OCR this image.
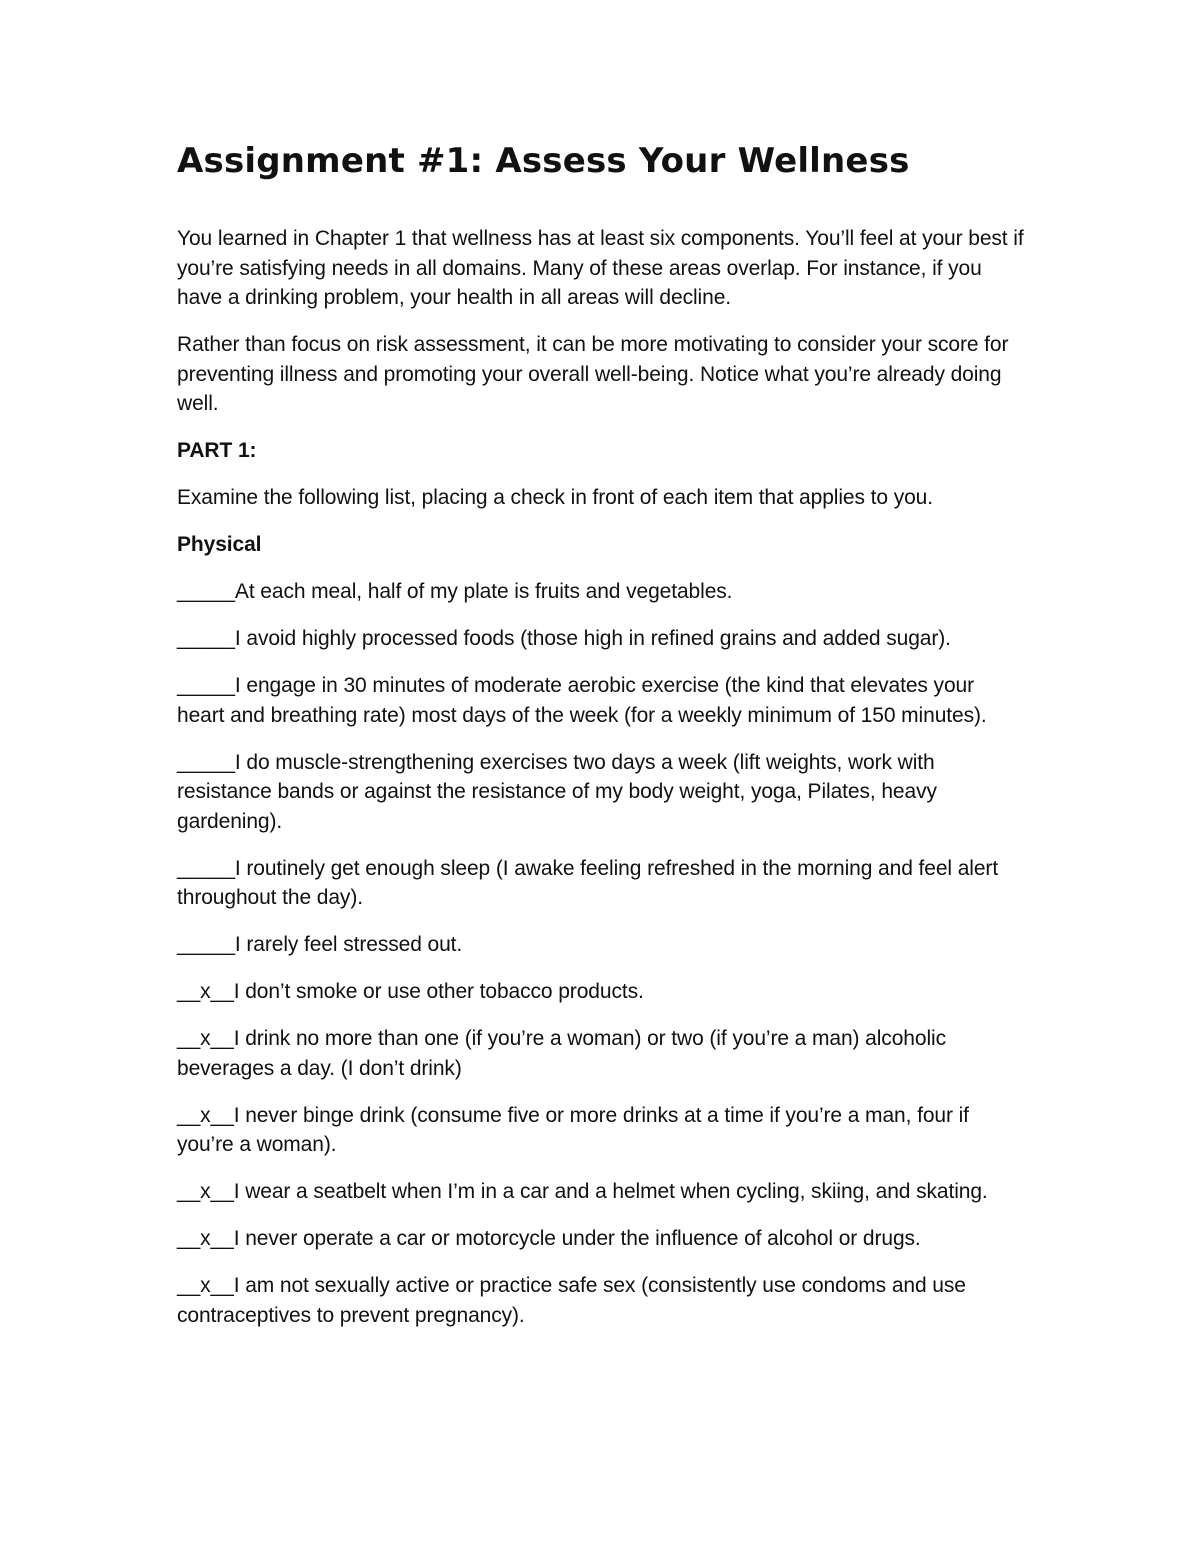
Assignment #1: Assess Your Wellness

You learned in Chapter 1 that wellness has at least six components. You’ll feel at your best if you’re satisfying needs in all domains. Many of these areas overlap. For instance, if you have a drinking problem, your health in all areas will decline.

Rather than focus on risk assessment, it can be more motivating to consider your score for preventing illness and promoting your overall well-being. Notice what you’re already doing well.

PART 1:

Examine the following list, placing a check in front of each item that applies to you.

Physical

_____At each meal, half of my plate is fruits and vegetables.

_____I avoid highly processed foods (those high in refined grains and added sugar).

_____I engage in 30 minutes of moderate aerobic exercise (the kind that elevates your heart and breathing rate) most days of the week (for a weekly minimum of 150 minutes).

_____I do muscle-strengthening exercises two days a week (lift weights, work with resistance bands or against the resistance of my body weight, yoga, Pilates, heavy gardening).

_____I routinely get enough sleep (I awake feeling refreshed in the morning and feel alert throughout the day).

_____I rarely feel stressed out.

__x__I don’t smoke or use other tobacco products.

__x__I drink no more than one (if you’re a woman) or two (if you’re a man) alcoholic beverages a day. (I don’t drink)

__x__I never binge drink (consume five or more drinks at a time if you’re a man, four if you’re a woman).

__x__I wear a seatbelt when I’m in a car and a helmet when cycling, skiing, and skating.

__x__I never operate a car or motorcycle under the influence of alcohol or drugs.

__x__I am not sexually active or practice safe sex (consistently use condoms and use contraceptives to prevent pregnancy).
